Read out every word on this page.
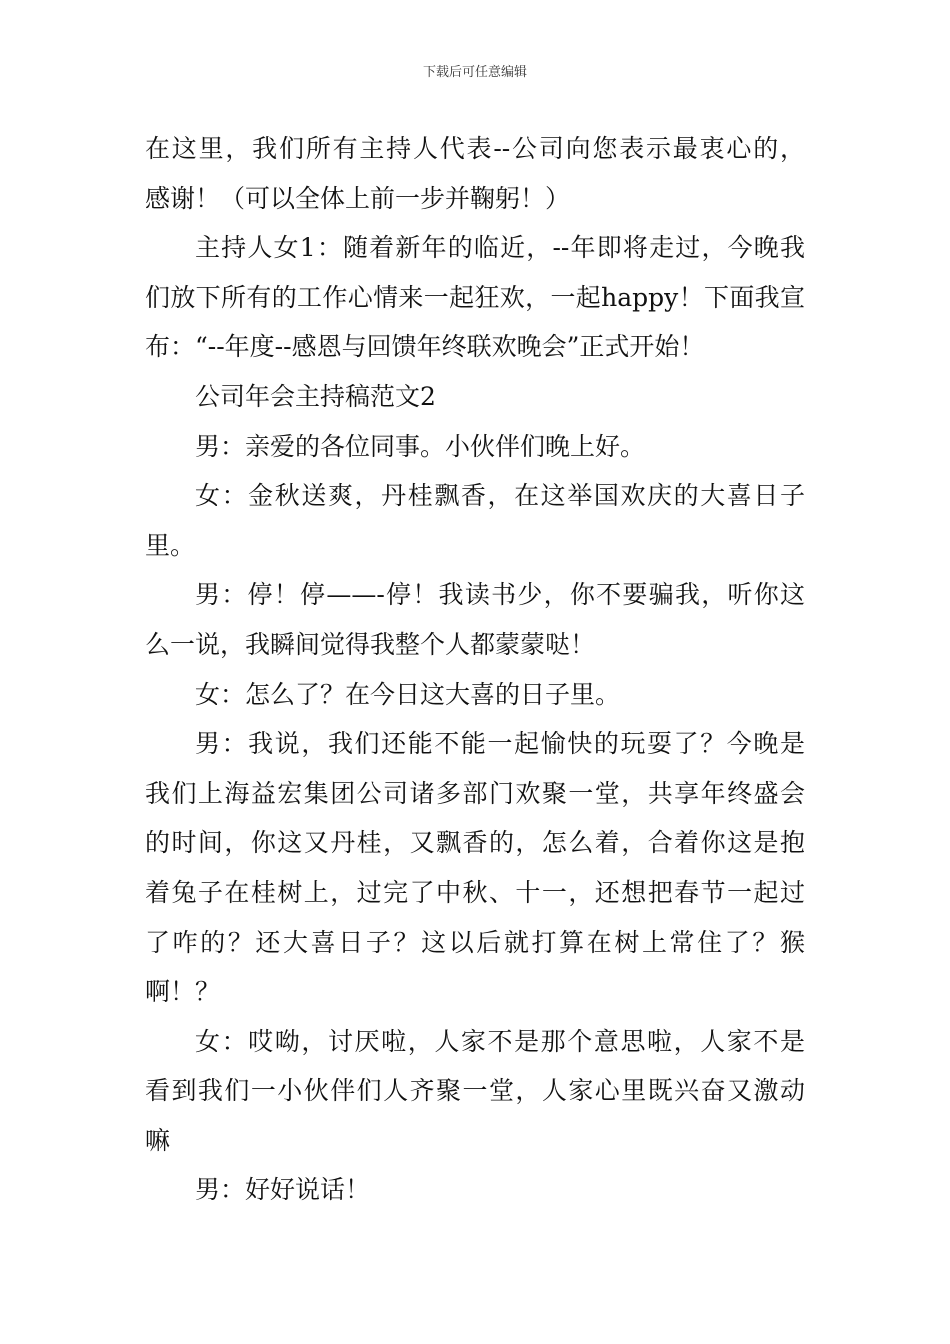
下载后可任意编辑
在这里，我们所有主持人代表--公司向您表示最衷心的，
感谢！（可以全体上前一步并鞠躬！）
主持人女1：随着新年的临近，--年即将走过，今晚我
们放下所有的工作心情来一起狂欢，一起happy！下面我宣
布：“--年度--感恩与回馈年终联欢晚会”正式开始！
公司年会主持稿范文2
男：亲爱的各位同事。小伙伴们晚上好。
女：金秋送爽，丹桂飘香，在这举国欢庆的大喜日子
里。
男：停！停——-停！我读书少，你不要骗我，听你这
么一说，我瞬间觉得我整个人都蒙蒙哒！
女：怎么了？在今日这大喜的日子里。
男：我说，我们还能不能一起愉快的玩耍了？今晚是
我们上海益宏集团公司诸多部门欢聚一堂，共享年终盛会
的时间，你这又丹桂，又飘香的，怎么着，合着你这是抱
着兔子在桂树上，过完了中秋、十一，还想把春节一起过
了咋的？还大喜日子？这以后就打算在树上常住了？猴
啊！？
女：哎呦，讨厌啦，人家不是那个意思啦，人家不是
看到我们一小伙伴们人齐聚一堂，人家心里既兴奋又激动
嘛
男：好好说话！
